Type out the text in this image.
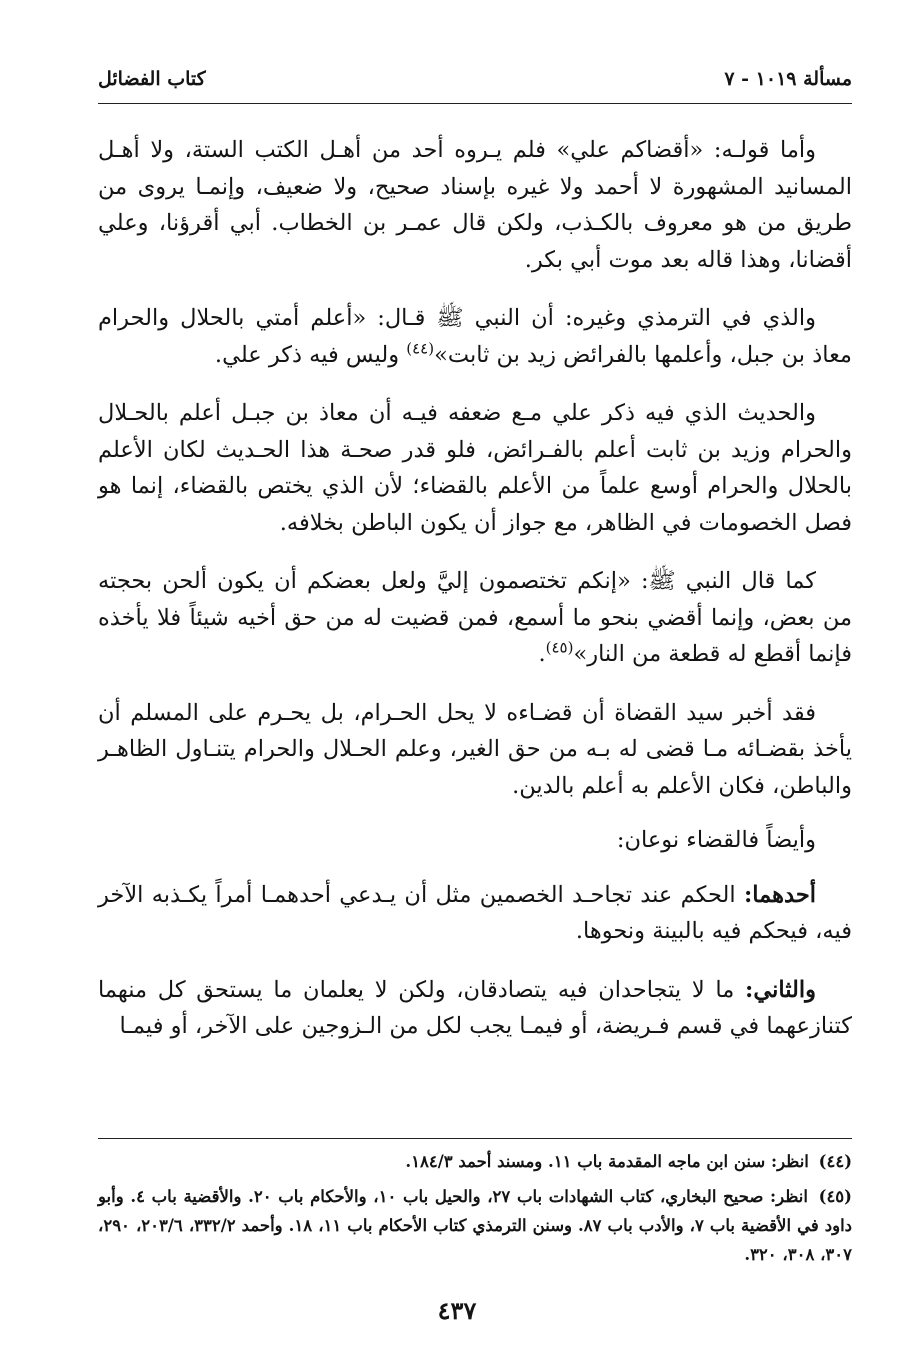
مسألة ١٠١٩ - ٧
كتاب الفضائل

وأما قولـه: «أقضاكم علي» فلم يـروه أحد من أهـل الكتب الستة، ولا أهـل المسانيد المشهورة لا أحمد ولا غيره بإسناد صحيح، ولا ضعيف، وإنمـا يروى من طريق من هو معروف بالكـذب، ولكن قال عمـر بن الخطاب. أبي أقرؤنا، وعلي أقضانا، وهذا قاله بعد موت أبي بكر.

والذي في الترمذي وغيره: أن النبي ﷺ قـال: «أعلم أمتي بالحلال والحرام معاذ بن جبل، وأعلمها بالفرائض زيد بن ثابت»$^{(٤٤)}$ وليس فيه ذكر علي.

والحديث الذي فيه ذكر علي مـع ضعفه فيـه أن معاذ بن جبـل أعلم بالحـلال والحرام وزيد بن ثابت أعلم بالفـرائض، فلو قدر صحـة هذا الحـديث لكان الأعلم بالحلال والحرام أوسع علماً من الأعلم بالقضاء؛ لأن الذي يختص بالقضاء، إنما هو فصل الخصومات في الظاهر، مع جواز أن يكون الباطن بخلافه.

كما قال النبي ﷺ: «إنكم تختصمون إليَّ ولعل بعضكم أن يكون ألحن بحجته من بعض، وإنما أقضي بنحو ما أسمع، فمن قضيت له من حق أخيه شيئاً فلا يأخذه فإنما أقطع له قطعة من النار»$^{(٤٥)}$.

فقد أخبر سيد القضاة أن قضـاءه لا يحل الحـرام، بل يحـرم على المسلم أن يأخذ بقضـائه مـا قضى له بـه من حق الغير، وعلم الحـلال والحرام يتنـاول الظاهـر والباطن، فكان الأعلم به أعلم بالدين.

وأيضاً فالقضاء نوعان:

أحدهما: الحكم عند تجاحـد الخصمين مثل أن يـدعي أحدهمـا أمراً يكـذبه الآخر فيه، فيحكم فيه بالبينة ونحوها.

والثاني: ما لا يتجاحدان فيه يتصادقان، ولكن لا يعلمان ما يستحق كل منهما كتنازعهما في قسم فـريضة، أو فيمـا يجب لكل من الـزوجين على الآخر، أو فيمـا

(٤٤) انظر: سنن ابن ماجه المقدمة باب ١١. ومسند أحمد ١٨٤/٣.
(٤٥) انظر: صحيح البخاري، كتاب الشهادات باب ٢٧، والحيل باب ١٠، والأحكام باب ٢٠. والأقضية باب ٤. وأبو داود في الأقضية باب ٧، والأدب باب ٨٧. وسنن الترمذي كتاب الأحكام باب ١١، ١٨. وأحمد ٣٣٢/٢، ٢٠٣/٦، ٢٩٠، ٣٠٧، ٣٠٨، ٣٢٠.
٤٣٧
